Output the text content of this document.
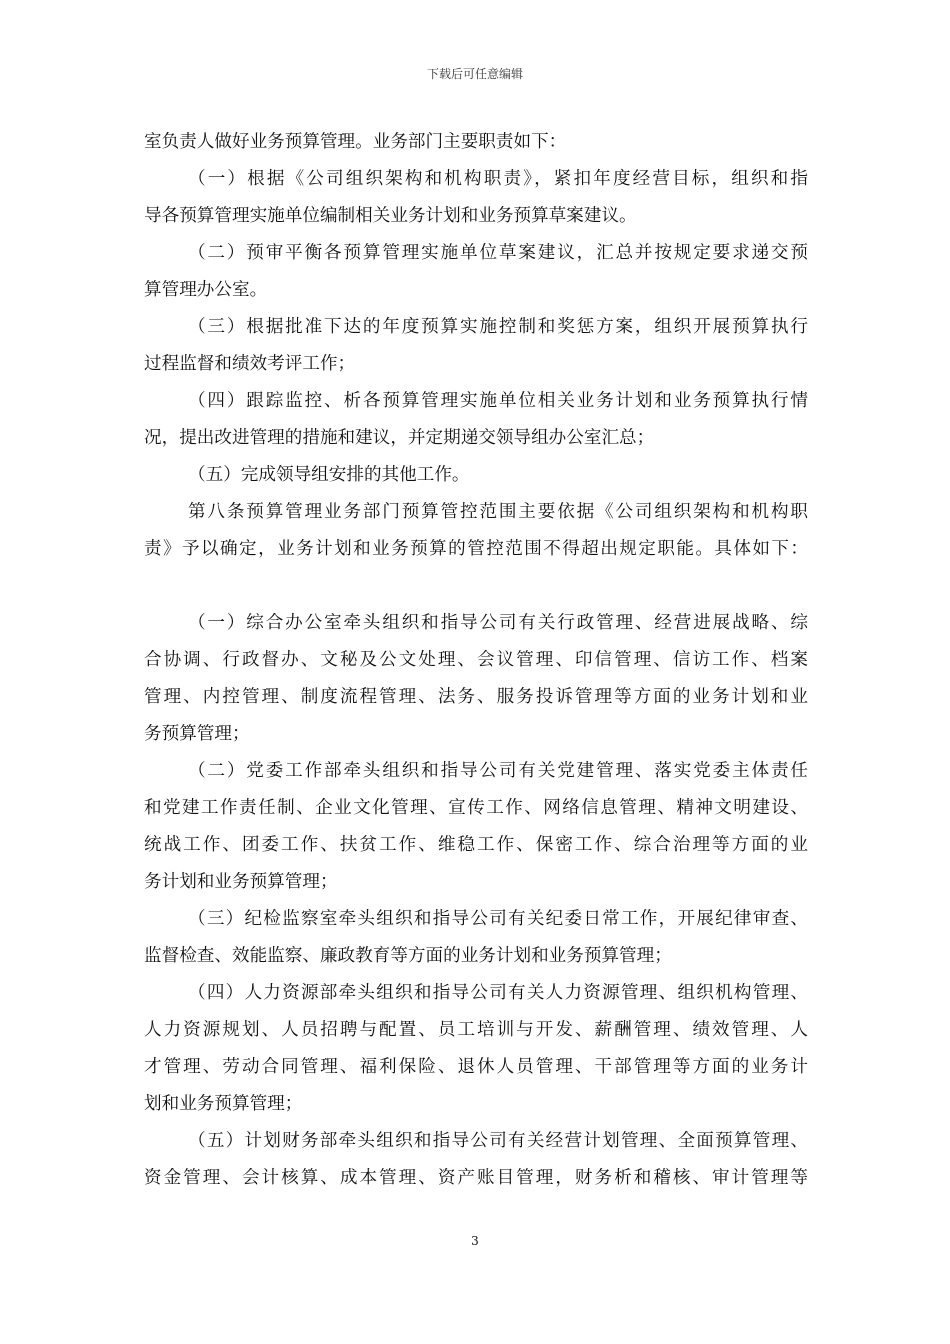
下载后可任意编辑
室负责人做好业务预算管理。业务部门主要职责如下：
（一）根据《公司组织架构和机构职责》，紧扣年度经营目标，组织和指
导各预算管理实施单位编制相关业务计划和业务预算草案建议。
（二）预审平衡各预算管理实施单位草案建议，汇总并按规定要求递交预
算管理办公室。
（三）根据批准下达的年度预算实施控制和奖惩方案，组织开展预算执行
过程监督和绩效考评工作；
（四）跟踪监控、析各预算管理实施单位相关业务计划和业务预算执行情
况，提出改进管理的措施和建议，并定期递交领导组办公室汇总；
（五）完成领导组安排的其他工作。
第八条预算管理业务部门预算管控范围主要依据《公司组织架构和机构职
责》予以确定，业务计划和业务预算的管控范围不得超出规定职能。具体如下：
（一）综合办公室牵头组织和指导公司有关行政管理、经营进展战略、综
合协调、行政督办、文秘及公文处理、会议管理、印信管理、信访工作、档案
管理、内控管理、制度流程管理、法务、服务投诉管理等方面的业务计划和业
务预算管理；
（二）党委工作部牵头组织和指导公司有关党建管理、落实党委主体责任
和党建工作责任制、企业文化管理、宣传工作、网络信息管理、精神文明建设、
统战工作、团委工作、扶贫工作、维稳工作、保密工作、综合治理等方面的业
务计划和业务预算管理；
（三）纪检监察室牵头组织和指导公司有关纪委日常工作，开展纪律审查、
监督检查、效能监察、廉政教育等方面的业务计划和业务预算管理；
（四）人力资源部牵头组织和指导公司有关人力资源管理、组织机构管理、
人力资源规划、人员招聘与配置、员工培训与开发、薪酬管理、绩效管理、人
才管理、劳动合同管理、福利保险、退休人员管理、干部管理等方面的业务计
划和业务预算管理；
（五）计划财务部牵头组织和指导公司有关经营计划管理、全面预算管理、
资金管理、会计核算、成本管理、资产账目管理，财务析和稽核、审计管理等
3
